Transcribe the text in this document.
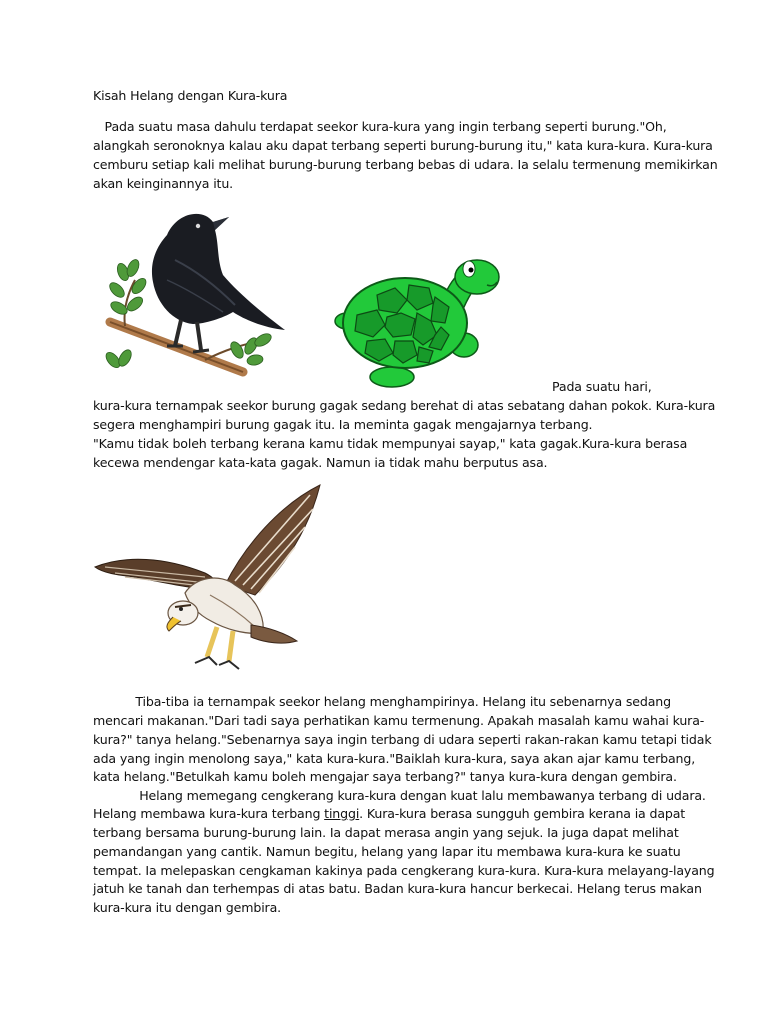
Kisah Helang dengan Kura-kura
Pada suatu masa dahulu terdapat seekor kura-kura yang ingin terbang seperti burung."Oh,
alangkah seronoknya kalau aku dapat terbang seperti burung-burung itu," kata kura-kura. Kura-kura
cemburu setiap kali melihat burung-burung terbang bebas di udara. Ia selalu termenung memikirkan
akan keinginannya itu.
Pada suatu hari,
kura-kura ternampak seekor burung gagak sedang berehat di atas sebatang dahan pokok. Kura-kura
segera menghampiri burung gagak itu. Ia meminta gagak mengajarnya terbang.
"Kamu tidak boleh terbang kerana kamu tidak mempunyai sayap," kata gagak.Kura-kura berasa
kecewa mendengar kata-kata gagak. Namun ia tidak mahu berputus asa.
Tiba-tiba ia ternampak seekor helang menghampirinya. Helang itu sebenarnya sedang
mencari makanan."Dari tadi saya perhatikan kamu termenung. Apakah masalah kamu wahai kura-
kura?" tanya helang."Sebenarnya saya ingin terbang di udara seperti rakan-rakan kamu tetapi tidak
ada yang ingin menolong saya," kata kura-kura."Baiklah kura-kura, saya akan ajar kamu terbang,
kata helang."Betulkah kamu boleh mengajar saya terbang?" tanya kura-kura dengan gembira.
Helang memegang cengkerang kura-kura dengan kuat lalu membawanya terbang di udara.
Helang membawa kura-kura terbang tinggi. Kura-kura berasa sungguh gembira kerana ia dapat
terbang bersama burung-burung lain. Ia dapat merasa angin yang sejuk. Ia juga dapat melihat
pemandangan yang cantik. Namun begitu, helang yang lapar itu membawa kura-kura ke suatu
tempat. Ia melepaskan cengkaman kakinya pada cengkerang kura-kura. Kura-kura melayang-layang
jatuh ke tanah dan terhempas di atas batu. Badan kura-kura hancur berkecai. Helang terus makan
kura-kura itu dengan gembira.
